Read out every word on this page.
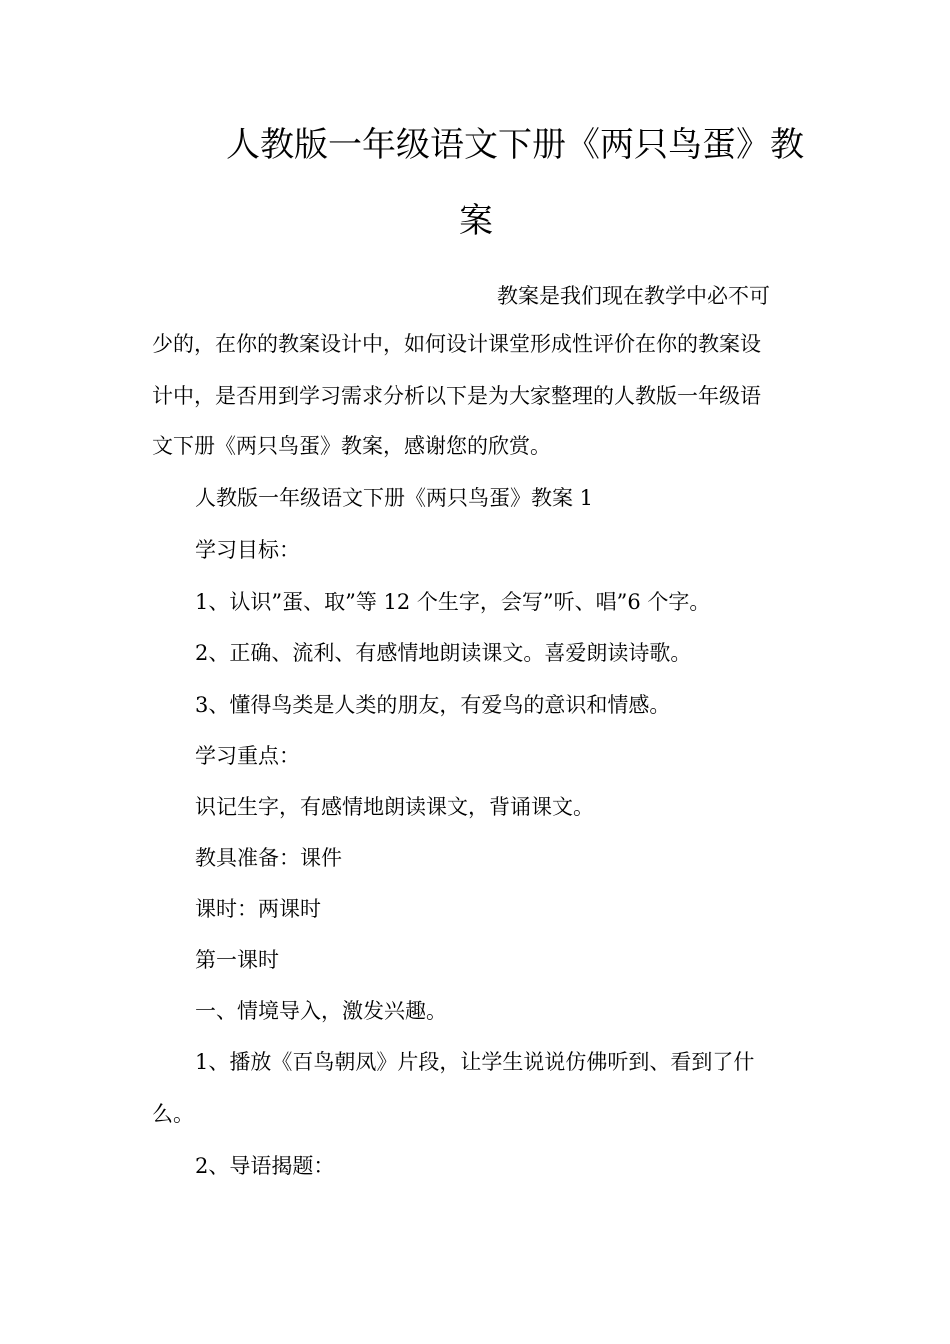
人教版一年级语文下册《两只鸟蛋》教
案
教案是我们现在教学中必不可
少的，在你的教案设计中，如何设计课堂形成性评价在你的教案设
计中，是否用到学习需求分析以下是为大家整理的人教版一年级语
文下册《两只鸟蛋》教案，感谢您的欣赏。
人教版一年级语文下册《两只鸟蛋》教案 1
学习目标：
1、认识”蛋、取”等 12 个生字，会写”听、唱”6 个字。
2、正确、流利、有感情地朗读课文。喜爱朗读诗歌。
3、懂得鸟类是人类的朋友，有爱鸟的意识和情感。
学习重点：
识记生字，有感情地朗读课文，背诵课文。
教具准备：课件
课时：两课时
第一课时
一、情境导入，激发兴趣。
1、播放《百鸟朝凤》片段，让学生说说仿佛听到、看到了什
么。
2、导语揭题：
